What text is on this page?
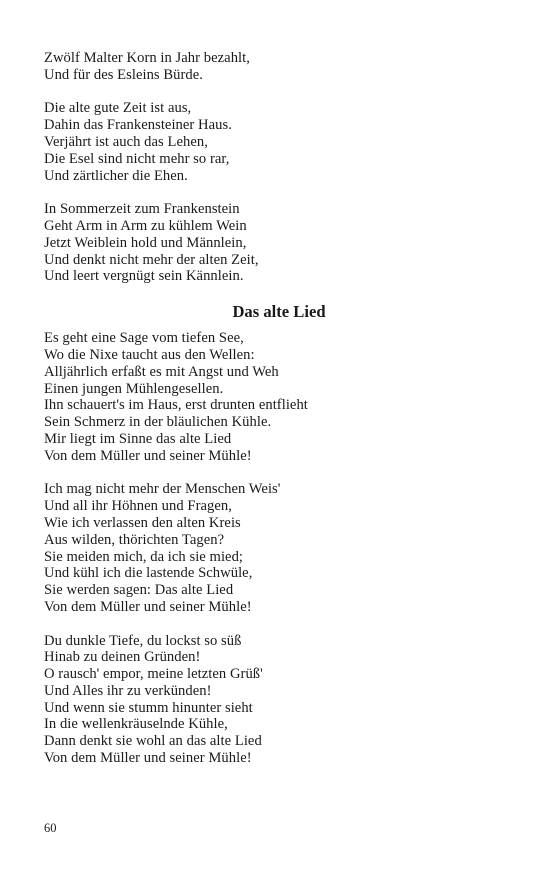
Zwölf Malter Korn in Jahr bezahlt,
Und für des Esleins Bürde.
Die alte gute Zeit ist aus,
Dahin das Frankensteiner Haus.
Verjährt ist auch das Lehen,
Die Esel sind nicht mehr so rar,
Und zärtlicher die Ehen.
In Sommerzeit zum Frankenstein
Geht Arm in Arm zu kühlem Wein
Jetzt Weiblein hold und Männlein,
Und denkt nicht mehr der alten Zeit,
Und leert vergnügt sein Kännlein.
Das alte Lied
Es geht eine Sage vom tiefen See,
Wo die Nixe taucht aus den Wellen:
Alljährlich erfaßt es mit Angst und Weh
Einen jungen Mühlengesellen.
Ihn schauert's im Haus, erst drunten entflieht
Sein Schmerz in der bläulichen Kühle.
Mir liegt im Sinne das alte Lied
Von dem Müller und seiner Mühle!
Ich mag nicht mehr der Menschen Weis'
Und all ihr Höhnen und Fragen,
Wie ich verlassen den alten Kreis
Aus wilden, thörichten Tagen?
Sie meiden mich, da ich sie mied;
Und kühl ich die lastende Schwüle,
Sie werden sagen: Das alte Lied
Von dem Müller und seiner Mühle!
Du dunkle Tiefe, du lockst so süß
Hinab zu deinen Gründen!
O rausch' empor, meine letzten Grüß'
Und Alles ihr zu verkünden!
Und wenn sie stumm hinunter sieht
In die wellenkräuselnde Kühle,
Dann denkt sie wohl an das alte Lied
Von dem Müller und seiner Mühle!
60
